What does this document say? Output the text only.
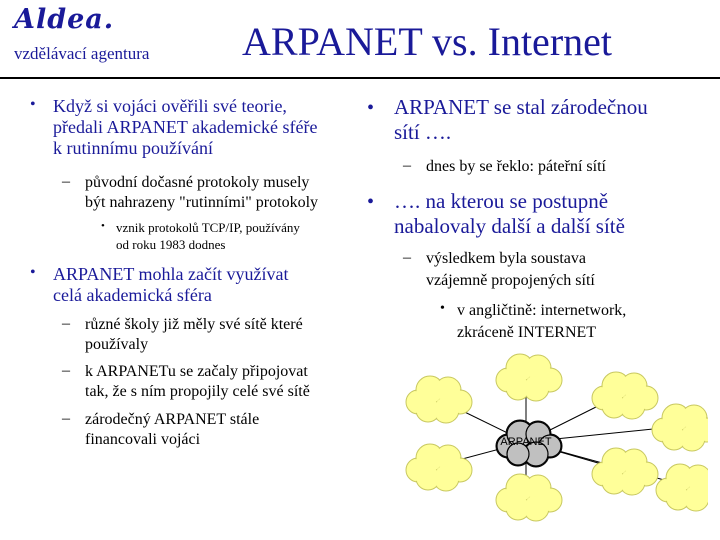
Aldea.
vzdělávací agentura ARPANET vs. Internet
• Když si vojáci ověřili své teorie,
předali ARPANET akademické sféře
k rutinnímu používání
– původní dočasné protokoly musely
být nahrazeny "rutinními" protokoly
• vznik protokolů TCP/IP, používány
od roku 1983 dodnes
• ARPANET mohla začít využívat
celá akademická sféra
– různé školy již měly své sítě které
používaly
– k ARPANETu se začaly připojovat
tak, že s ním propojily celé své sítě
– zárodečný ARPANET stále
financovali vojáci
• ARPANET se stal zárodečnou
sítí ….
– dnes by se řeklo: páteřní sítí
• …. na kterou se postupně
nabalovaly další a další sítě
– výsledkem byla soustava
vzájemně propojených sítí
• v angličtině: internetwork,
zkráceně INTERNET
ARPANET
